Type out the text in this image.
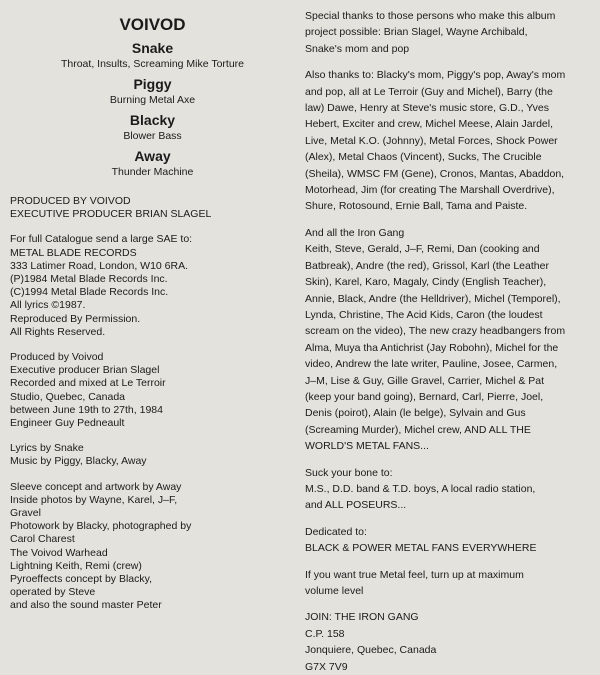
VOIVOD
Snake
Throat, Insults, Screaming Mike Torture
Piggy
Burning Metal Axe
Blacky
Blower Bass
Away
Thunder Machine
PRODUCED BY VOIVOD
EXECUTIVE PRODUCER BRIAN SLAGEL
For full Catalogue send a large SAE to:
METAL BLADE RECORDS
333 Latimer Road, London, W10 6RA.
(P)1984 Metal Blade Records Inc.
(C)1994 Metal Blade Records Inc.
All lyrics ©1987.
Reproduced By Permission.
All Rights Reserved.
Produced by Voivod
Executive producer Brian Slagel
Recorded and mixed at Le Terroir
Studio, Quebec, Canada
between June 19th to 27th, 1984
Engineer Guy Pedneault
Lyrics by Snake
Music by Piggy, Blacky, Away
Sleeve concept and artwork by Away
Inside photos by Wayne, Karel, J–F,
Gravel
Photowork by Blacky, photographed by
Carol Charest
The Voivod Warhead
Lightning Keith, Remi (crew)
Pyroeffects concept by Blacky,
operated by Steve
and also the sound master Peter
Special thanks to those persons who make this album
project possible: Brian Slagel, Wayne Archibald,
Snake's mom and pop
Also thanks to: Blacky's mom, Piggy's pop, Away's mom
and pop, all at Le Terroir (Guy and Michel), Barry (the
law) Dawe, Henry at Steve's music store, G.D., Yves
Hebert, Exciter and crew, Michel Meese, Alain Jardel,
Live, Metal K.O. (Johnny), Metal Forces, Shock Power
(Alex), Metal Chaos (Vincent), Sucks, The Crucible
(Sheila), WMSC FM (Gene), Cronos, Mantas, Abaddon,
Motorhead, Jim (for creating The Marshall Overdrive),
Shure, Rotosound, Ernie Ball, Tama and Paiste.
And all the Iron Gang
Keith, Steve, Gerald, J–F, Remi, Dan (cooking and
Batbreak), Andre (the red), Grissol, Karl (the Leather
Skin), Karel, Karo, Magaly, Cindy (English Teacher),
Annie, Black, Andre (the Helldriver), Michel (Temporel),
Lynda, Christine, The Acid Kids, Caron (the loudest
scream on the video), The new crazy headbangers from
Alma, Muya tha Antichrist (Jay Robohn), Michel for the
video, Andrew the late writer, Pauline, Josee, Carmen,
J–M, Lise & Guy, Gille Gravel, Carrier, Michel & Pat
(keep your band going), Bernard, Carl, Pierre, Joel,
Denis (poirot), Alain (le belge), Sylvain and Gus
(Screaming Murder), Michel crew, AND ALL THE
WORLD'S METAL FANS...
Suck your bone to:
M.S., D.D. band & T.D. boys, A local radio station,
and ALL POSEURS...
Dedicated to:
BLACK & POWER METAL FANS EVERYWHERE
If you want true Metal feel, turn up at maximum
volume level
JOIN: THE IRON GANG
C.P. 158
Jonquiere, Quebec, Canada
G7X 7V9
